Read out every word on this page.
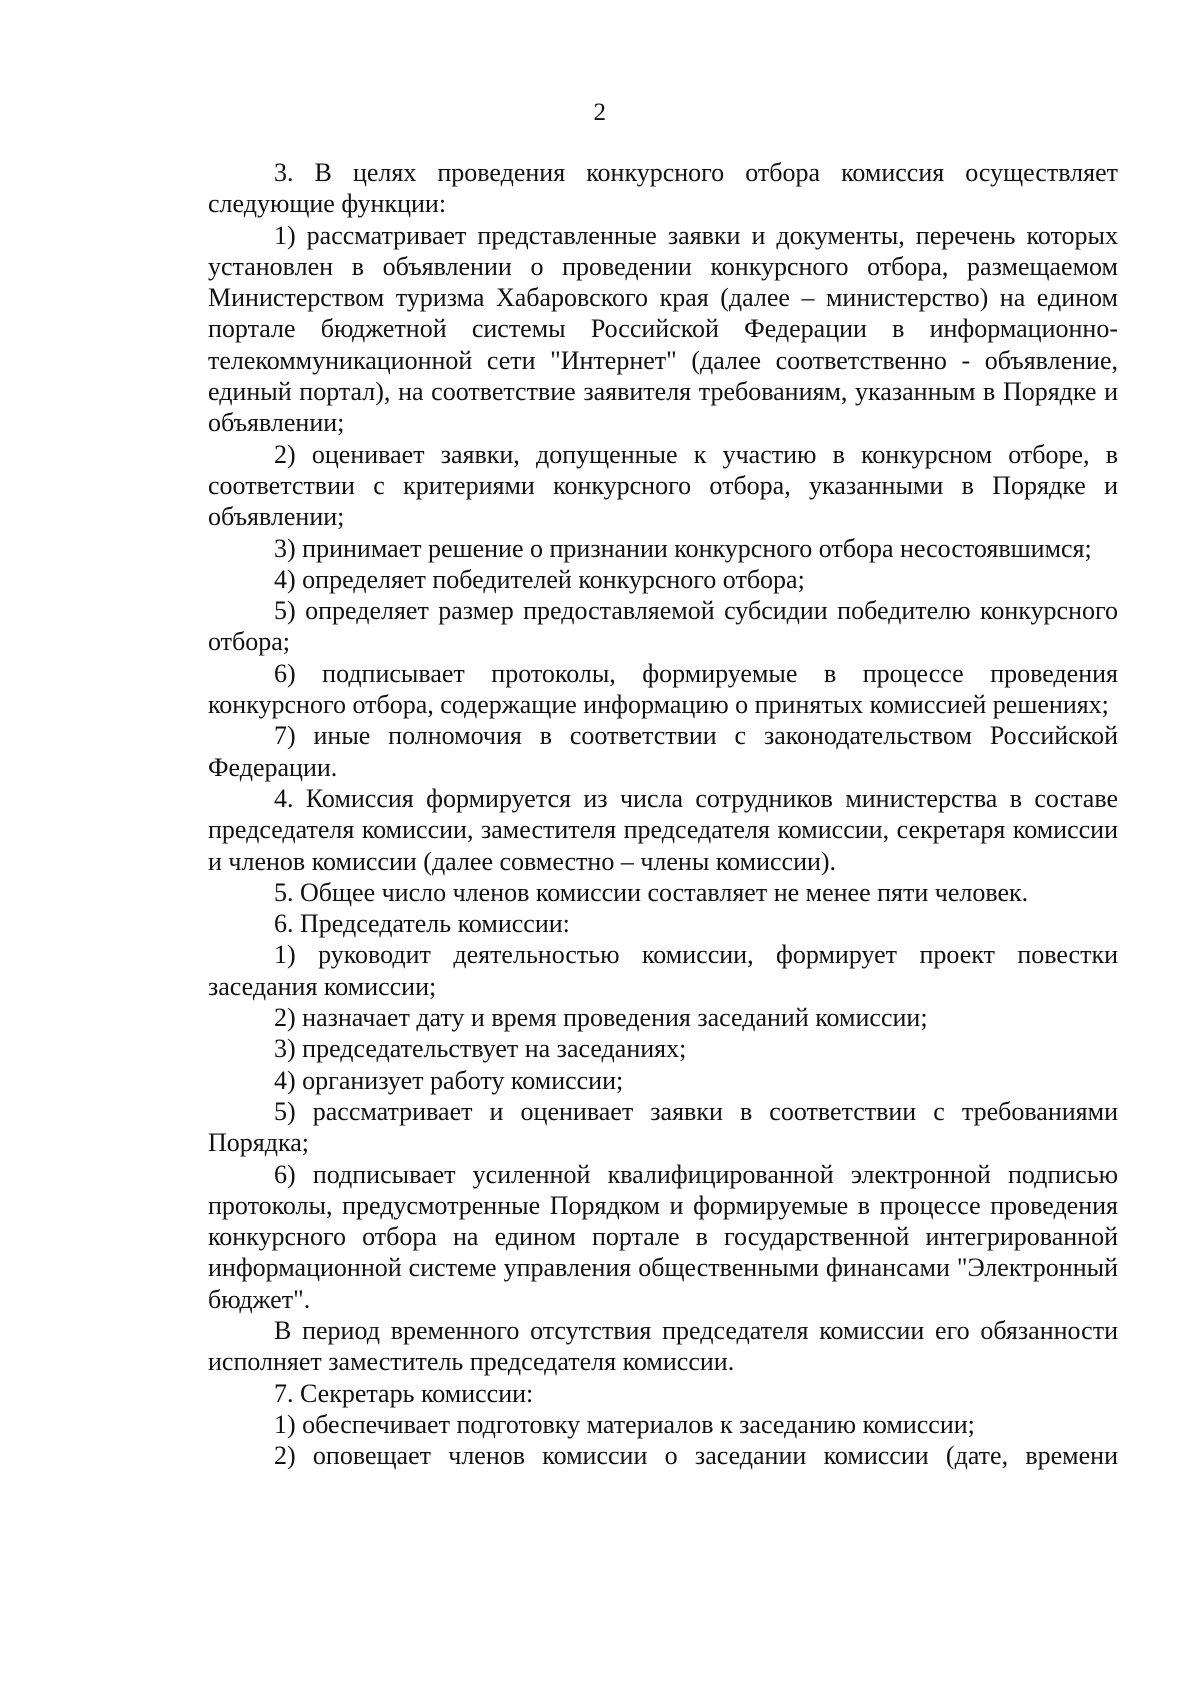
2

3. В целях проведения конкурсного отбора комиссия осуществляет следующие функции:

1) рассматривает представленные заявки и документы, перечень которых установлен в объявлении о проведении конкурсного отбора, размещаемом Министерством туризма Хабаровского края (далее – министерство) на едином портале бюджетной системы Российской Федерации в информационно-телекоммуникационной сети "Интернет" (далее соответственно - объявление, единый портал), на соответствие заявителя требованиям, указанным в Порядке и объявлении;

2) оценивает заявки, допущенные к участию в конкурсном отборе, в соответствии с критериями конкурсного отбора, указанными в Порядке и объявлении;

3) принимает решение о признании конкурсного отбора несостоявшимся;

4) определяет победителей конкурсного отбора;

5) определяет размер предоставляемой субсидии победителю конкурсного отбора;

6) подписывает протоколы, формируемые в процессе проведения конкурсного отбора, содержащие информацию о принятых комиссией решениях;

7) иные полномочия в соответствии с законодательством Российской Федерации.

4. Комиссия формируется из числа сотрудников министерства в составе председателя комиссии, заместителя председателя комиссии, секретаря комиссии и членов комиссии (далее совместно – члены комиссии).

5. Общее число членов комиссии составляет не менее пяти человек.

6. Председатель комиссии:

1) руководит деятельностью комиссии, формирует проект повестки заседания комиссии;

2) назначает дату и время проведения заседаний комиссии;

3) председательствует на заседаниях;

4) организует работу комиссии;

5) рассматривает и оценивает заявки в соответствии с требованиями Порядка;

6) подписывает усиленной квалифицированной электронной подписью протоколы, предусмотренные Порядком и формируемые в процессе проведения конкурсного отбора на едином портале в государственной интегрированной информационной системе управления общественными финансами "Электронный бюджет".

В период временного отсутствия председателя комиссии его обязанности исполняет заместитель председателя комиссии.

7. Секретарь комиссии:

1) обеспечивает подготовку материалов к заседанию комиссии;

2) оповещает членов комиссии о заседании комиссии (дате, времени
